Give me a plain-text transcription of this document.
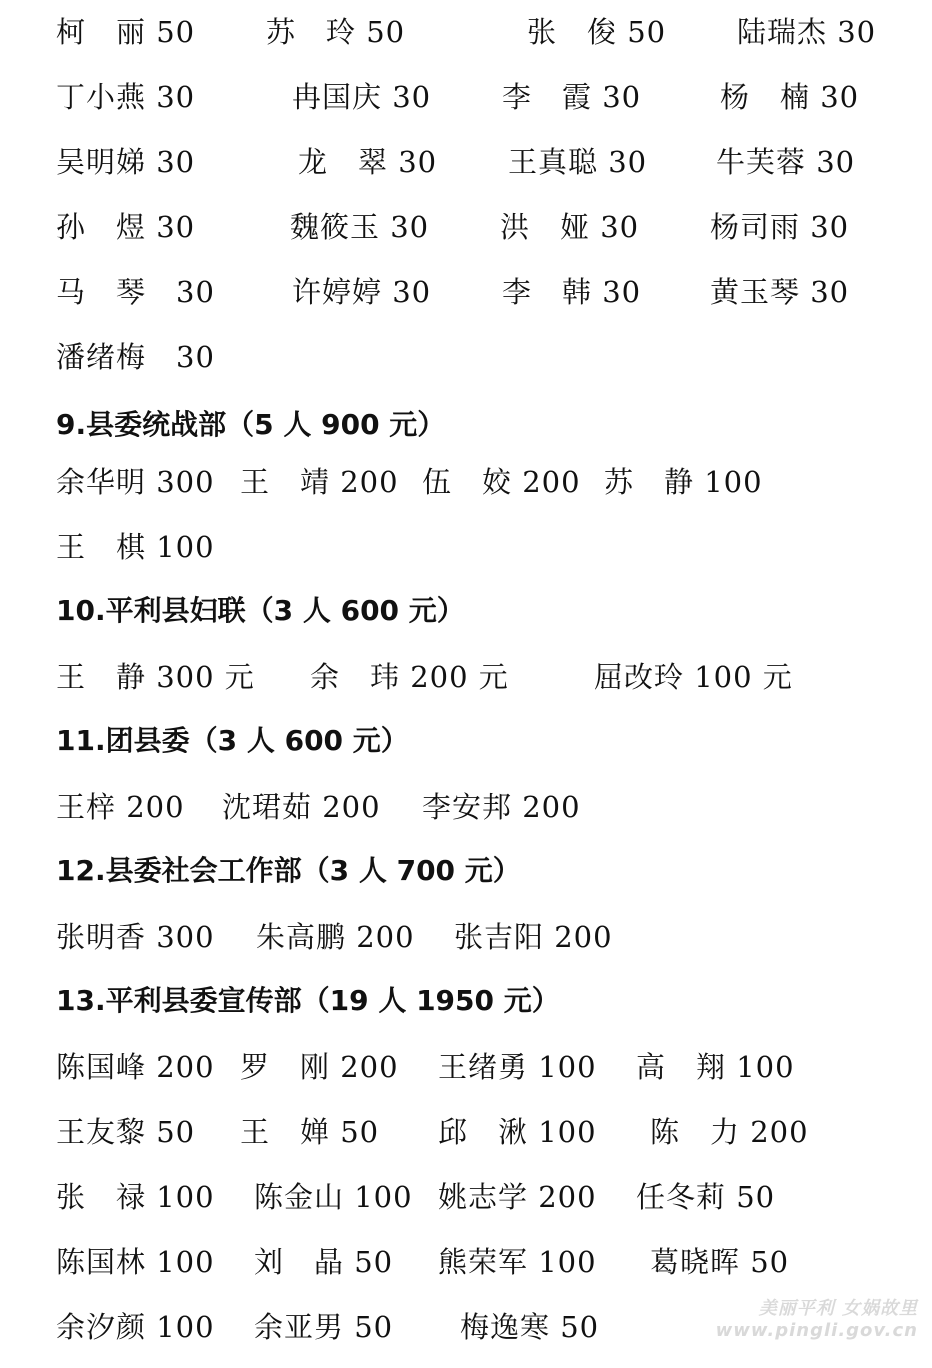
柯　丽 50 苏　玲 50	张　俊 50 陆瑞杰 30
丁小燕 30	冉国庆 30 李　霞 30	杨　楠 30
吴明娣 30	龙　翠 30 王真聪 30 牛芙蓉 30
孙　煜 30	魏筱玉 30 洪　娅 30 杨司雨 30
马　琴　30	许婷婷 30 李　韩 30 黄玉琴 30
潘绪梅　30
9.县委统战部（5 人 900 元）
余华明 300 王　靖 200 伍　姣 200 苏　静 100
王　棋 100
10.平利县妇联（3 人 600 元）
王　静 300 元 余　玮 200 元	屈改玲 100 元
11.团县委（3 人 600 元）
王梓 200 沈珺茹 200 李安邦 200
12.县委社会工作部（3 人 700 元）
张明香 300 朱高鹏 200 张吉阳 200
13.平利县委宣传部（19 人 1950 元）
陈国峰 200 罗　刚 200 王绪勇 100 高　翔 100
王友黎 50 王　婵 50 邱　湫 100 陈　力 200
张　禄 100 陈金山 100 姚志学 200 任冬莉 50
陈国林 100 刘　晶 50 熊荣军 100 葛晓晖 50
余汐颜 100 余亚男 50 梅逸寒 50
美丽平利 女娲故里
www.pingli.gov.cn
